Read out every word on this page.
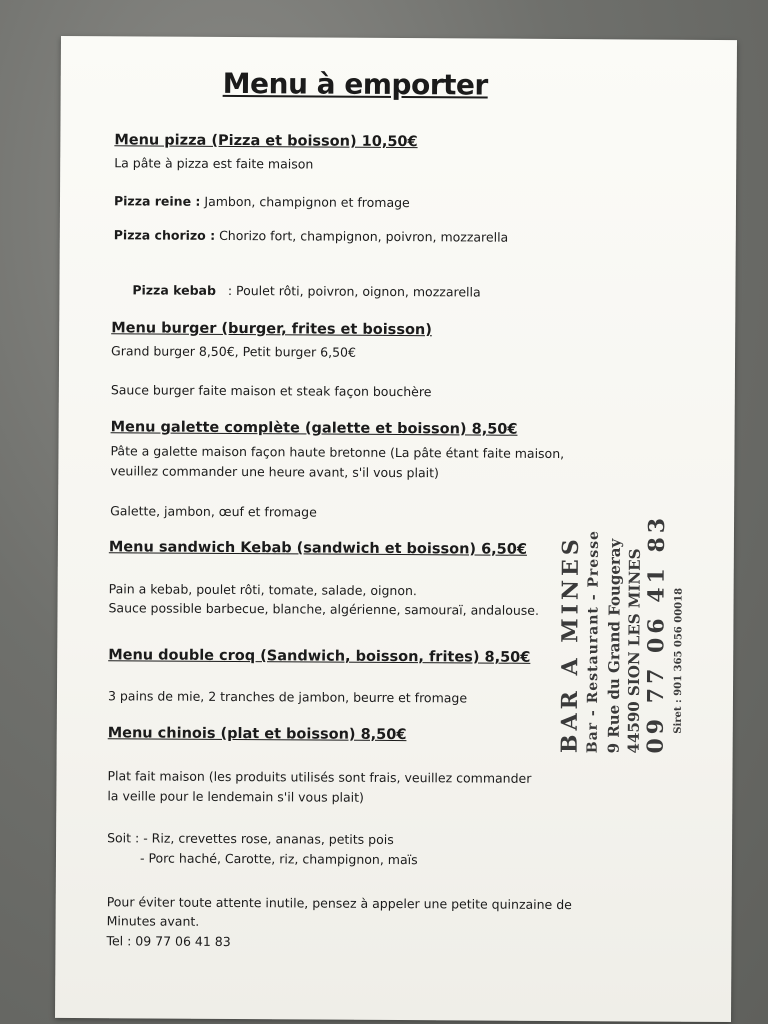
Menu à emporter
Menu pizza (Pizza et boisson) 10,50€
La pâte à pizza est faite maison
Pizza reine : Jambon, champignon et fromage
Pizza chorizo : Chorizo fort, champignon, poivron, mozzarella

Pizza kebab   : Poulet rôti, poivron, oignon, mozzarella

Menu burger (burger, frites et boisson)
Grand burger 8,50€, Petit burger 6,50€
Sauce burger faite maison et steak façon bouchère
Menu galette complète (galette et boisson) 8,50€
Pâte a galette maison façon haute bretonne (La pâte étant faite maison,
veuillez commander une heure avant, s'il vous plait)
Galette, jambon, œuf et fromage
Menu sandwich Kebab (sandwich et boisson) 6,50€
Pain a kebab, poulet rôti, tomate, salade, oignon.
Sauce possible barbecue, blanche, algérienne, samouraï, andalouse.
Menu double croq (Sandwich, boisson, frites) 8,50€
3 pains de mie, 2 tranches de jambon, beurre et fromage
Menu chinois (plat et boisson) 8,50€
Plat fait maison (les produits utilisés sont frais, veuillez commander
la veille pour le lendemain s'il vous plait)
Soit : - Riz, crevettes rose, ananas, petits pois
- Porc haché, Carotte, riz, champignon, maïs
Pour éviter toute attente inutile, pensez à appeler une petite quinzaine de
Minutes avant.
Tel : 09 77 06 41 83
BAR A MINES Bar - Restaurant - Presse 9 Rue du Grand Fougeray 44590 SION LES MINES
09 77 06 41 83 Siret : 901 365 056 00018
